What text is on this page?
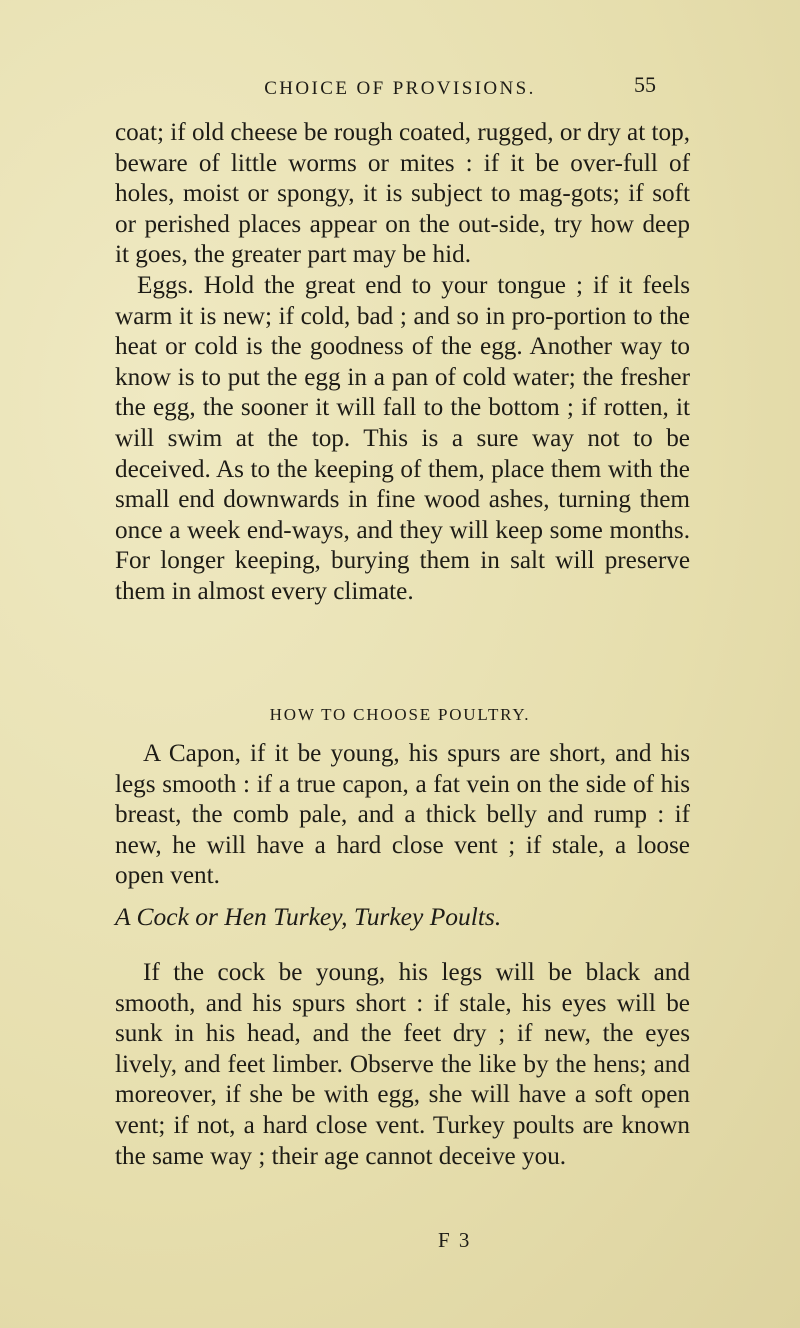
CHOICE OF PROVISIONS.	55

coat; if old cheese be rough coated, rugged, or dry at top, beware of little worms or mites : if it be over-full of holes, moist or spongy, it is subject to mag-gots; if soft or perished places appear on the out-side, try how deep it goes, the greater part may be hid.

Eggs. Hold the great end to your tongue ; if it feels warm it is new; if cold, bad ; and so in pro-portion to the heat or cold is the goodness of the egg. Another way to know is to put the egg in a pan of cold water; the fresher the egg, the sooner it will fall to the bottom ; if rotten, it will swim at the top. This is a sure way not to be deceived. As to the keeping of them, place them with the small end downwards in fine wood ashes, turning them once a week end-ways, and they will keep some months. For longer keeping, burying them in salt will preserve them in almost every climate.

HOW TO CHOOSE POULTRY.

A Capon, if it be young, his spurs are short, and his legs smooth : if a true capon, a fat vein on the side of his breast, the comb pale, and a thick belly and rump : if new, he will have a hard close vent ; if stale, a loose open vent.

A Cock or Hen Turkey, Turkey Poults.

If the cock be young, his legs will be black and smooth, and his spurs short : if stale, his eyes will be sunk in his head, and the feet dry ; if new, the eyes lively, and feet limber. Observe the like by the hens; and moreover, if she be with egg, she will have a soft open vent; if not, a hard close vent. Turkey poults are known the same way ; their age cannot deceive you.

F 3
